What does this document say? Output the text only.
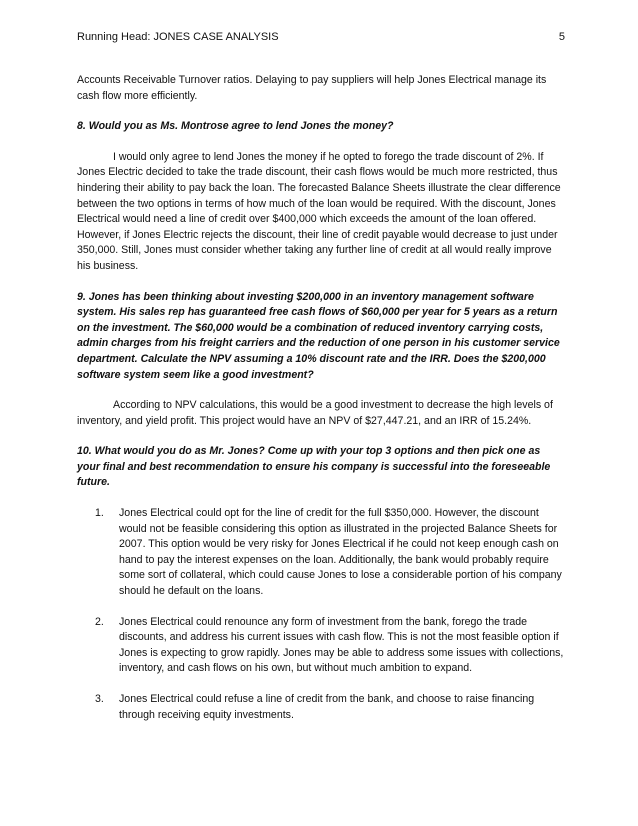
Running Head: JONES CASE ANALYSIS	5

Accounts Receivable Turnover ratios. Delaying to pay suppliers will help Jones Electrical manage its cash flow more efficiently.

8. Would you as Ms. Montrose agree to lend Jones the money?

I would only agree to lend Jones the money if he opted to forego the trade discount of 2%. If Jones Electric decided to take the trade discount, their cash flows would be much more restricted, thus hindering their ability to pay back the loan. The forecasted Balance Sheets illustrate the clear difference between the two options in terms of how much of the loan would be required. With the discount, Jones Electrical would need a line of credit over $400,000 which exceeds the amount of the loan offered. However, if Jones Electric rejects the discount, their line of credit payable would decrease to just under 350,000. Still, Jones must consider whether taking any further line of credit at all would really improve his business.

9. Jones has been thinking about investing $200,000 in an inventory management software system. His sales rep has guaranteed free cash flows of $60,000 per year for 5 years as a return on the investment. The $60,000 would be a combination of reduced inventory carrying costs, admin charges from his freight carriers and the reduction of one person in his customer service department. Calculate the NPV assuming a 10% discount rate and the IRR. Does the $200,000 software system seem like a good investment?

According to NPV calculations, this would be a good investment to decrease the high levels of inventory, and yield profit. This project would have an NPV of $27,447.21, and an IRR of 15.24%.

10. What would you do as Mr. Jones? Come up with your top 3 options and then pick one as your final and best recommendation to ensure his company is successful into the foreseeable future.

1. Jones Electrical could opt for the line of credit for the full $350,000. However, the discount would not be feasible considering this option as illustrated in the projected Balance Sheets for 2007. This option would be very risky for Jones Electrical if he could not keep enough cash on hand to pay the interest expenses on the loan. Additionally, the bank would probably require some sort of collateral, which could cause Jones to lose a considerable portion of his company should he default on the loans.
2. Jones Electrical could renounce any form of investment from the bank, forego the trade discounts, and address his current issues with cash flow. This is not the most feasible option if Jones is expecting to grow rapidly. Jones may be able to address some issues with collections, inventory, and cash flows on his own, but without much ambition to expand.
3. Jones Electrical could refuse a line of credit from the bank, and choose to raise financing through receiving equity investments.
